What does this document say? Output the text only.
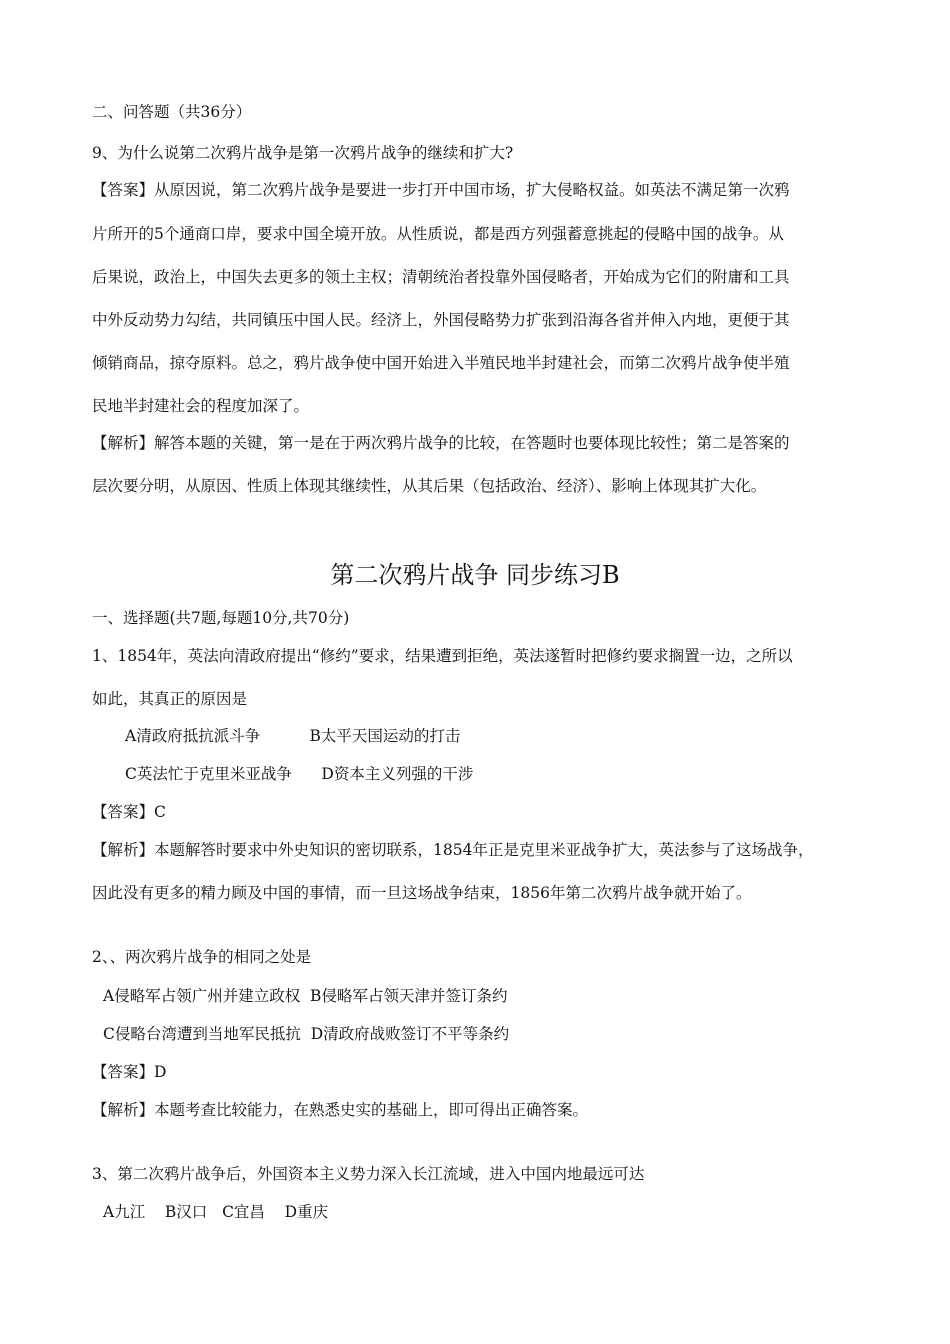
二、问答题（共36分）
9、为什么说第二次鸦片战争是第一次鸦片战争的继续和扩大?
【答案】从原因说，第二次鸦片战争是要进一步打开中国市场，扩大侵略权益。如英法不满足第一次鸦
片所开的5个通商口岸，要求中国全境开放。从性质说，都是西方列强蓄意挑起的侵略中国的战争。从
后果说，政治上，中国失去更多的领土主权；清朝统治者投靠外国侵略者，开始成为它们的附庸和工具
中外反动势力勾结，共同镇压中国人民。经济上，外国侵略势力扩张到沿海各省并伸入内地，更便于其
倾销商品，掠夺原料。总之，鸦片战争使中国开始进入半殖民地半封建社会，而第二次鸦片战争使半殖
民地半封建社会的程度加深了。
【解析】解答本题的关键，第一是在于两次鸦片战争的比较，在答题时也要体现比较性；第二是答案的
层次要分明，从原因、性质上体现其继续性，从其后果（包括政治、经济）、影响上体现其扩大化。
第二次鸦片战争 同步练习B
一、选择题(共7题,每题10分,共70分)
1、1854年，英法向清政府提出“修约”要求，结果遭到拒绝，英法遂暂时把修约要求搁置一边，之所以
如此，其真正的原因是
A清政府抵抗派斗争          B太平天国运动的打击
C英法忙于克里米亚战争      D资本主义列强的干涉
【答案】C
【解析】本题解答时要求中外史知识的密切联系，1854年正是克里米亚战争扩大，英法参与了这场战争，
因此没有更多的精力顾及中国的事情，而一旦这场战争结束，1856年第二次鸦片战争就开始了。
2、、两次鸦片战争的相同之处是
A侵略军占领广州并建立政权  B侵略军占领天津并签订条约
C侵略台湾遭到当地军民抵抗  D清政府战败签订不平等条约
【答案】D
【解析】本题考查比较能力，在熟悉史实的基础上，即可得出正确答案。
3、第二次鸦片战争后，外国资本主义势力深入长江流域，进入中国内地最远可达
A九江    B汉口   C宜昌    D重庆
